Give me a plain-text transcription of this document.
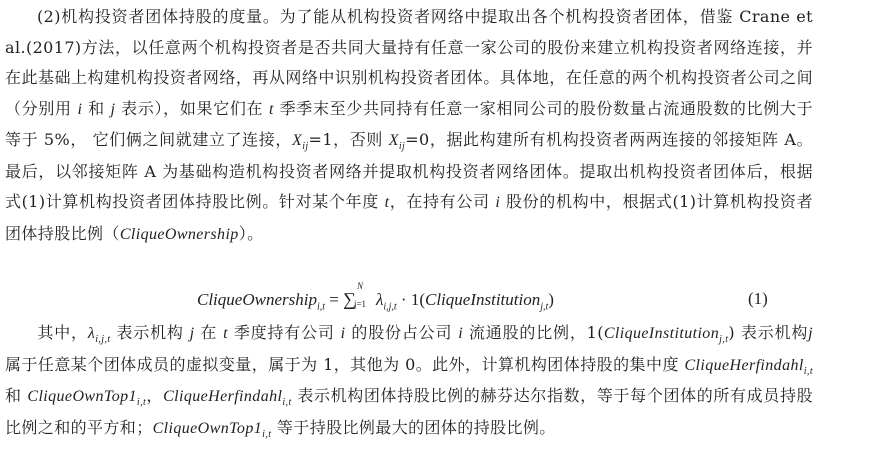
(2)机构投资者团体持股的度量。为了能从机构投资者网络中提取出各个机构投资者团体，借鉴 Crane et al.(2017)方法，以任意两个机构投资者是否共同大量持有任意一家公司的股份来建立机构投资者网络连接，并在此基础上构建机构投资者网络，再从网络中识别机构投资者团体。具体地，在任意的两个机构投资者公司之间（分别用 i 和 j 表示），如果它们在 t 季季末至少共同持有任意一家相同公司的股份数量占流通股数的比例大于等于 5%， 它们俩之间就建立了连接，$X_{ij}=1$，否则 $X_{ij}=0$，据此构建所有机构投资者两两连接的邻接矩阵 A。最后，以邻接矩阵 A 为基础构造机构投资者网络并提取机构投资者网络团体。提取出机构投资者团体后，根据式(1)计算机构投资者团体持股比例。针对某个年度 t，在持有公司 i 股份的机构中，根据式(1)计算机构投资者团体持股比例（CliqueOwnership）。
CliqueOwnership$_{i,t}$ = ∑
N
j=1 $\lambda_{i,j,t}$ · 1(CliqueInstitution$_{j,t}$)	(1)
其中，$\lambda_{i,j,t}$ 表示机构 j 在 t 季度持有公司 i 的股份占公司 i 流通股的比例，1(CliqueInstitution$_{j,t}$) 表示机构j 属于任意某个团体成员的虚拟变量，属于为 1，其他为 0。此外，计算机构团体持股的集中度 CliqueHerfindahl$_{i,t}$ 和 $CliqueOwnTop1_{i,t}$，CliqueHerfindahl$_{i,t}$ 表示机构团体持股比例的赫芬达尔指数，等于每个团体的所有成员持股比例之和的平方和；$CliqueOwnTop1_{i,t}$ 等于持股比例最大的团体的持股比例。
